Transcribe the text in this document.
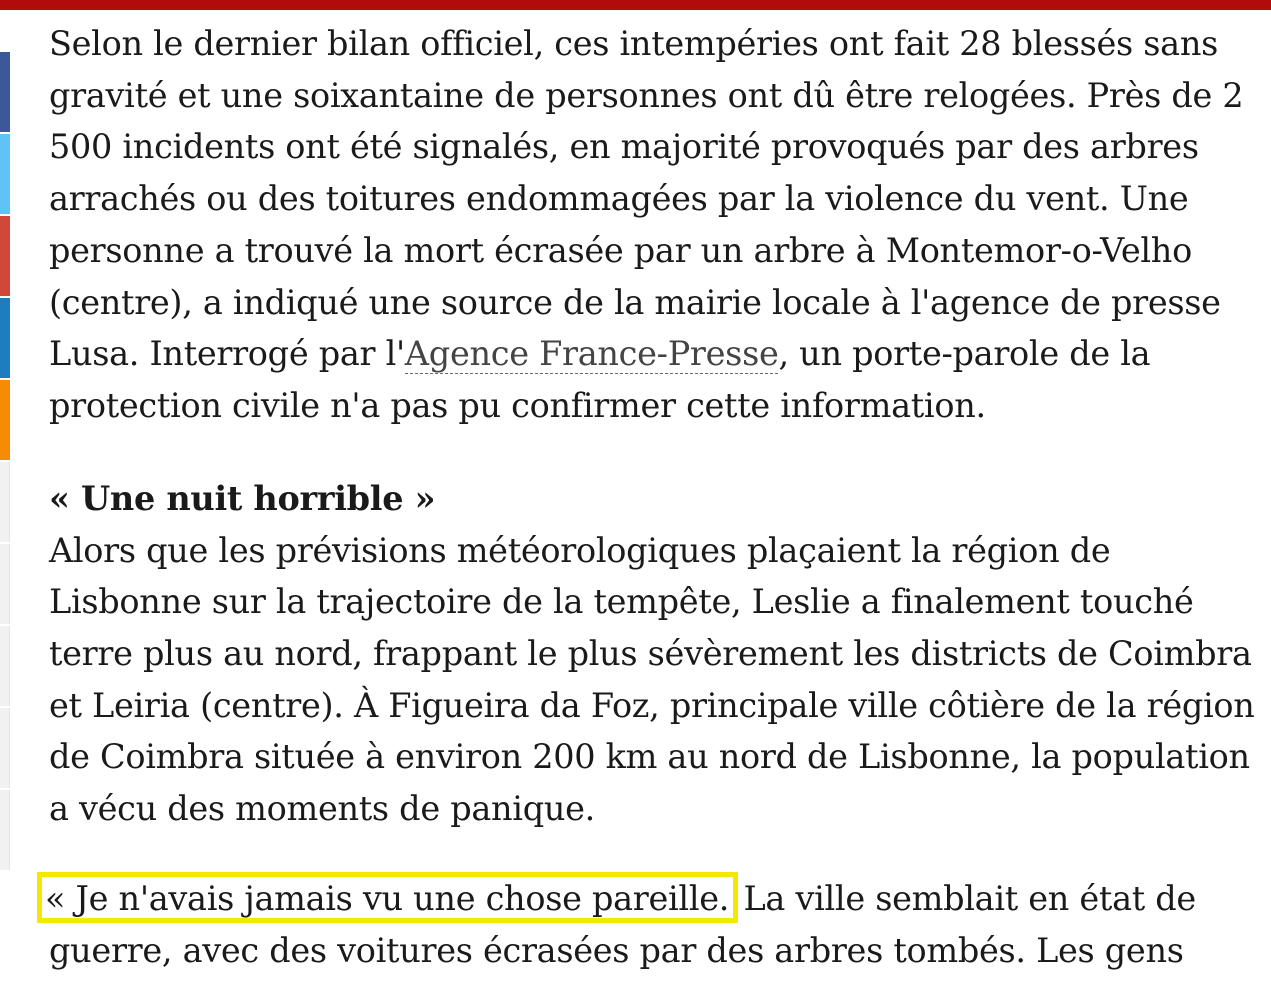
Selon le dernier bilan officiel, ces intempéries ont fait 28 blessés sans gravité et une soixantaine de personnes ont dû être relogées. Près de 2 500 incidents ont été signalés, en majorité provoqués par des arbres arrachés ou des toitures endommagées par la violence du vent. Une personne a trouvé la mort écrasée par un arbre à Montemor-o-Velho (centre), a indiqué une source de la mairie locale à l'agence de presse Lusa. Interrogé par l'Agence France-Presse, un porte-parole de la protection civile n'a pas pu confirmer cette information.

« Une nuit horrible »

Alors que les prévisions météorologiques plaçaient la région de Lisbonne sur la trajectoire de la tempête, Leslie a finalement touché terre plus au nord, frappant le plus sévèrement les districts de Coimbra et Leiria (centre). À Figueira da Foz, principale ville côtière de la région de Coimbra située à environ 200 km au nord de Lisbonne, la population a vécu des moments de panique.

« Je n'avais jamais vu une chose pareille. La ville semblait en état de guerre, avec des voitures écrasées par des arbres tombés. Les gens
